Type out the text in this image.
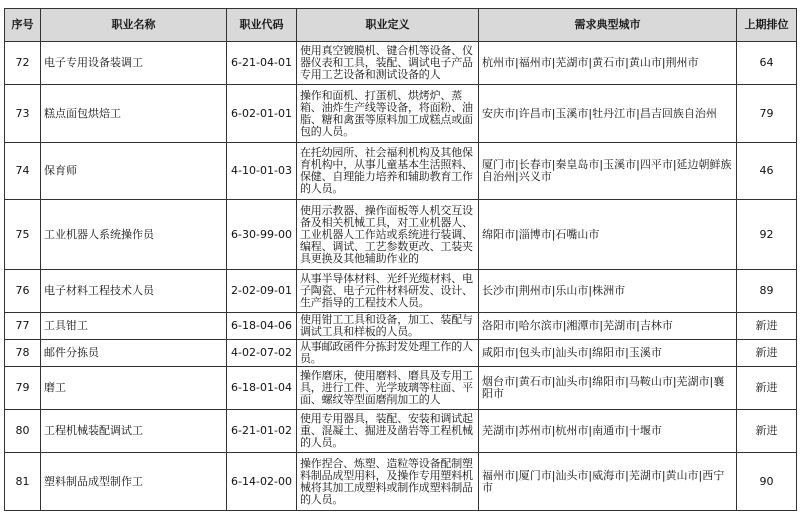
序号	职业名称	职业代码	职业定义	需求典型城市	上期排位
72	电子专用设备装调工	6-21-04-01	使用真空镀膜机、键合机等设备、仪器仪表和工具，装配、调试电子产品专用工艺设备和测试设备的人	杭州市|福州市|芜湖市|黄石市|黄山市|荆州市	64
73	糕点面包烘焙工	6-02-01-01	操作和面机、打蛋机、烘烤炉、蒸箱、油炸生产线等设备，将面粉、油脂、糖和禽蛋等原料加工成糕点或面包的人员。	安庆市|许昌市|玉溪市|牡丹江市|昌吉回族自治州	79
74	保育师	4-10-01-03	在托幼园所、社会福利机构及其他保育机构中，从事儿童基本生活照料、保健、自理能力培养和辅助教育工作的人员。	厦门市|长春市|秦皇岛市|玉溪市|四平市|延边朝鲜族自治州|兴义市	46
75	工业机器人系统操作员	6-30-99-00	使用示教器、操作面板等人机交互设备及相关机械工具，对工业机器人、工业机器人工作站或系统进行装调、编程、调试、工艺参数更改、工装夹具更换及其他辅助作业的	绵阳市|淄博市|石嘴山市	92
76	电子材料工程技术人员	2-02-09-01	从事半导体材料、光纤光缆材料、电子陶瓷、电子元件材料研发、设计、生产指导的工程技术人员。	长沙市|荆州市|乐山市|株洲市	89
77	工具钳工	6-18-04-06	使用钳工工具和设备，加工、装配与调试工具和样板的人员。	洛阳市|哈尔滨市|湘潭市|芜湖市|吉林市	新进
78	邮件分拣员	4-02-07-02	从事邮政函件分拣封发处理工作的人员。	咸阳市|包头市|汕头市|绵阳市|玉溪市	新进
79	磨工	6-18-01-04	操作磨床，使用磨料、磨具及专用工具，进行工件、光学玻璃等柱面、平面、螺纹等型面磨削加工的人	烟台市|黄石市|汕头市|绵阳市|马鞍山市|芜湖市|襄阳市	新进
80	工程机械装配调试工	6-21-01-02	使用专用器具，装配、安装和调试起重、混凝土、掘进及凿岩等工程机械的人员。	芜湖市|苏州市|杭州市|南通市|十堰市	新进
81	塑料制品成型制作工	6-14-02-00	操作捏合、炼塑、造粒等设备配制塑料制品成型用料，及操作专用塑料机械将其加工成塑料或制作成塑料制品的人员。	福州市|厦门市|汕头市|威海市|芜湖市|黄山市|西宁市	90
